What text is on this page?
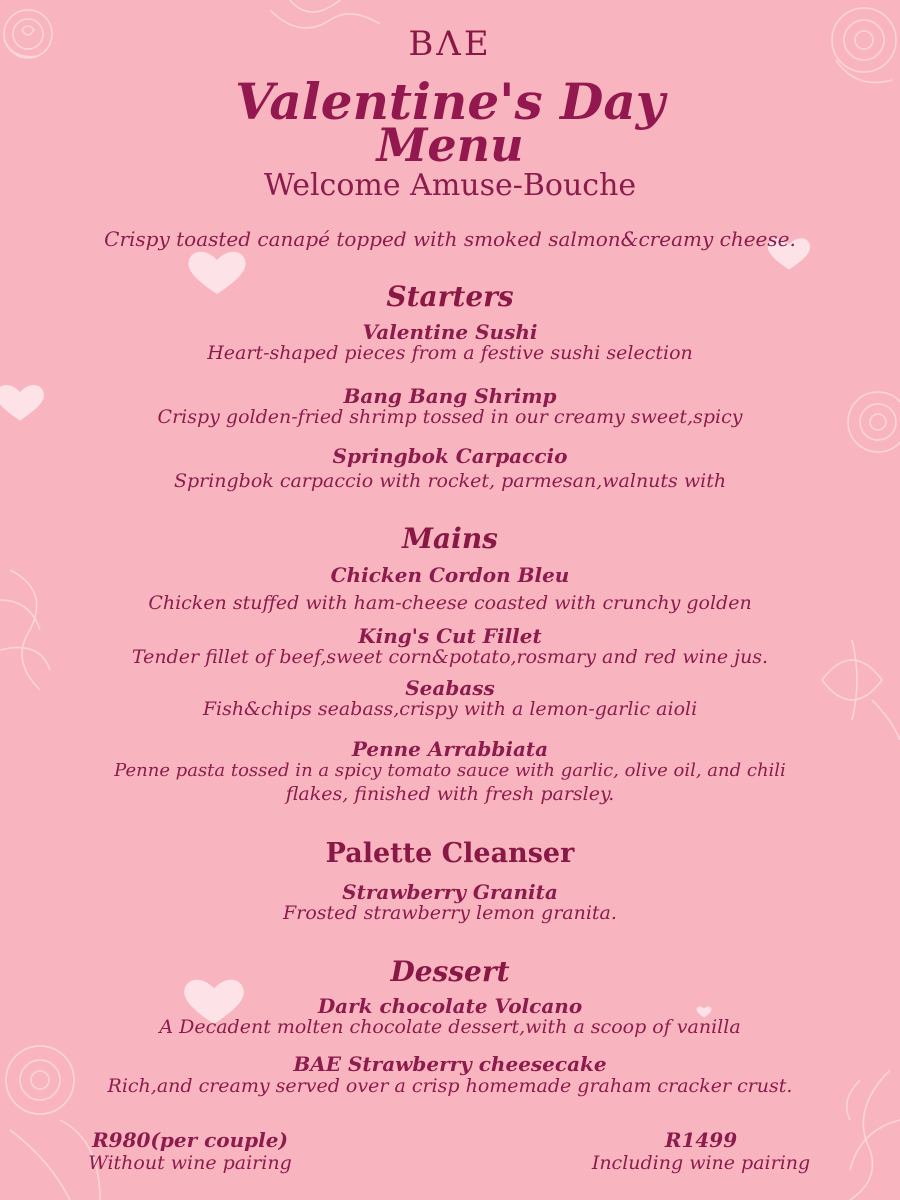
BΛE
Valentine's Day
Menu
Welcome Amuse-Bouche
Crispy toasted canapé topped with smoked salmon&creamy cheese.
Starters
Valentine Sushi
Heart-shaped pieces from a festive sushi selection
Bang Bang Shrimp
Crispy golden-fried shrimp tossed in our creamy sweet,spicy
Springbok Carpaccio
Springbok carpaccio with rocket, parmesan,walnuts with
Mains
Chicken Cordon Bleu
Chicken stuffed with ham-cheese coasted with crunchy golden
King's Cut Fillet
Tender fillet of beef,sweet corn&potato,rosmary and red wine jus.
Seabass
Fish&chips seabass,crispy with a lemon-garlic aioli
Penne Arrabbiata
Penne pasta tossed in a spicy tomato sauce with garlic, olive oil, and chili
flakes, finished with fresh parsley.
Palette Cleanser
Strawberry Granita
Frosted strawberry lemon granita.
Dessert
Dark chocolate Volcano
A Decadent molten chocolate dessert,with a scoop of vanilla
BAE Strawberry cheesecake
Rich,and creamy served over a crisp homemade graham cracker crust.
R980(per couple)
Without wine pairing
R1499
Including wine pairing
